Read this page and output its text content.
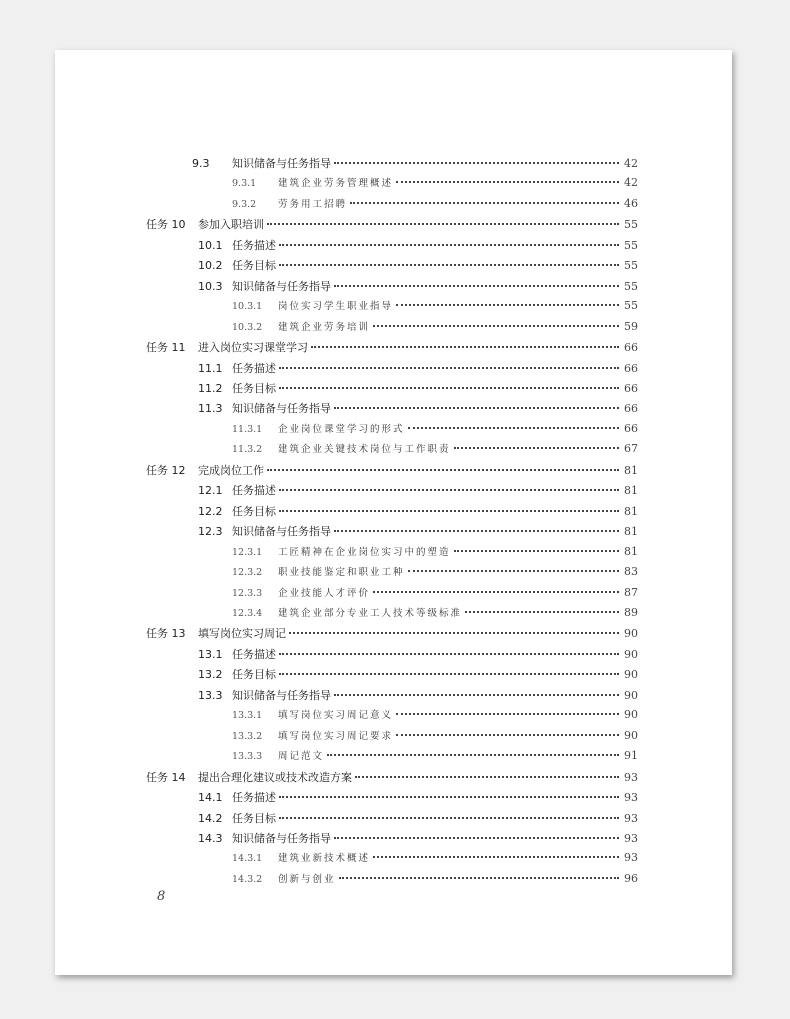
9.3	知识储备与任务指导	42
9.3.1	建筑企业劳务管理概述	42
9.3.2	劳务用工招聘	46
任务 10	参加入职培训	55
10.1 任务描述	55
10.2 任务目标	55
10.3 知识储备与任务指导	55
10.3.1	岗位实习学生职业指导	55
10.3.2	建筑企业劳务培训	59
任务 11	进入岗位实习课堂学习	66
11.1 任务描述	66
11.2 任务目标	66
11.3 知识储备与任务指导	66
11.3.1	企业岗位课堂学习的形式	66
11.3.2	建筑企业关键技术岗位与工作职责	67
任务 12	完成岗位工作	81
12.1 任务描述	81
12.2 任务目标	81
12.3 知识储备与任务指导	81
12.3.1	工匠精神在企业岗位实习中的塑造	81
12.3.2	职业技能鉴定和职业工种	83
12.3.3	企业技能人才评价	87
12.3.4	建筑企业部分专业工人技术等级标准	89
任务 13	填写岗位实习周记	90
13.1 任务描述	90
13.2 任务目标	90
13.3 知识储备与任务指导	90
13.3.1	填写岗位实习周记意义	90
13.3.2	填写岗位实习周记要求	90
13.3.3	周记范文	91
任务 14	提出合理化建议或技术改造方案	93
14.1 任务描述	93
14.2 任务目标	93
14.3 知识储备与任务指导	93
14.3.1	建筑业新技术概述	93
14.3.2	创新与创业	96
8
